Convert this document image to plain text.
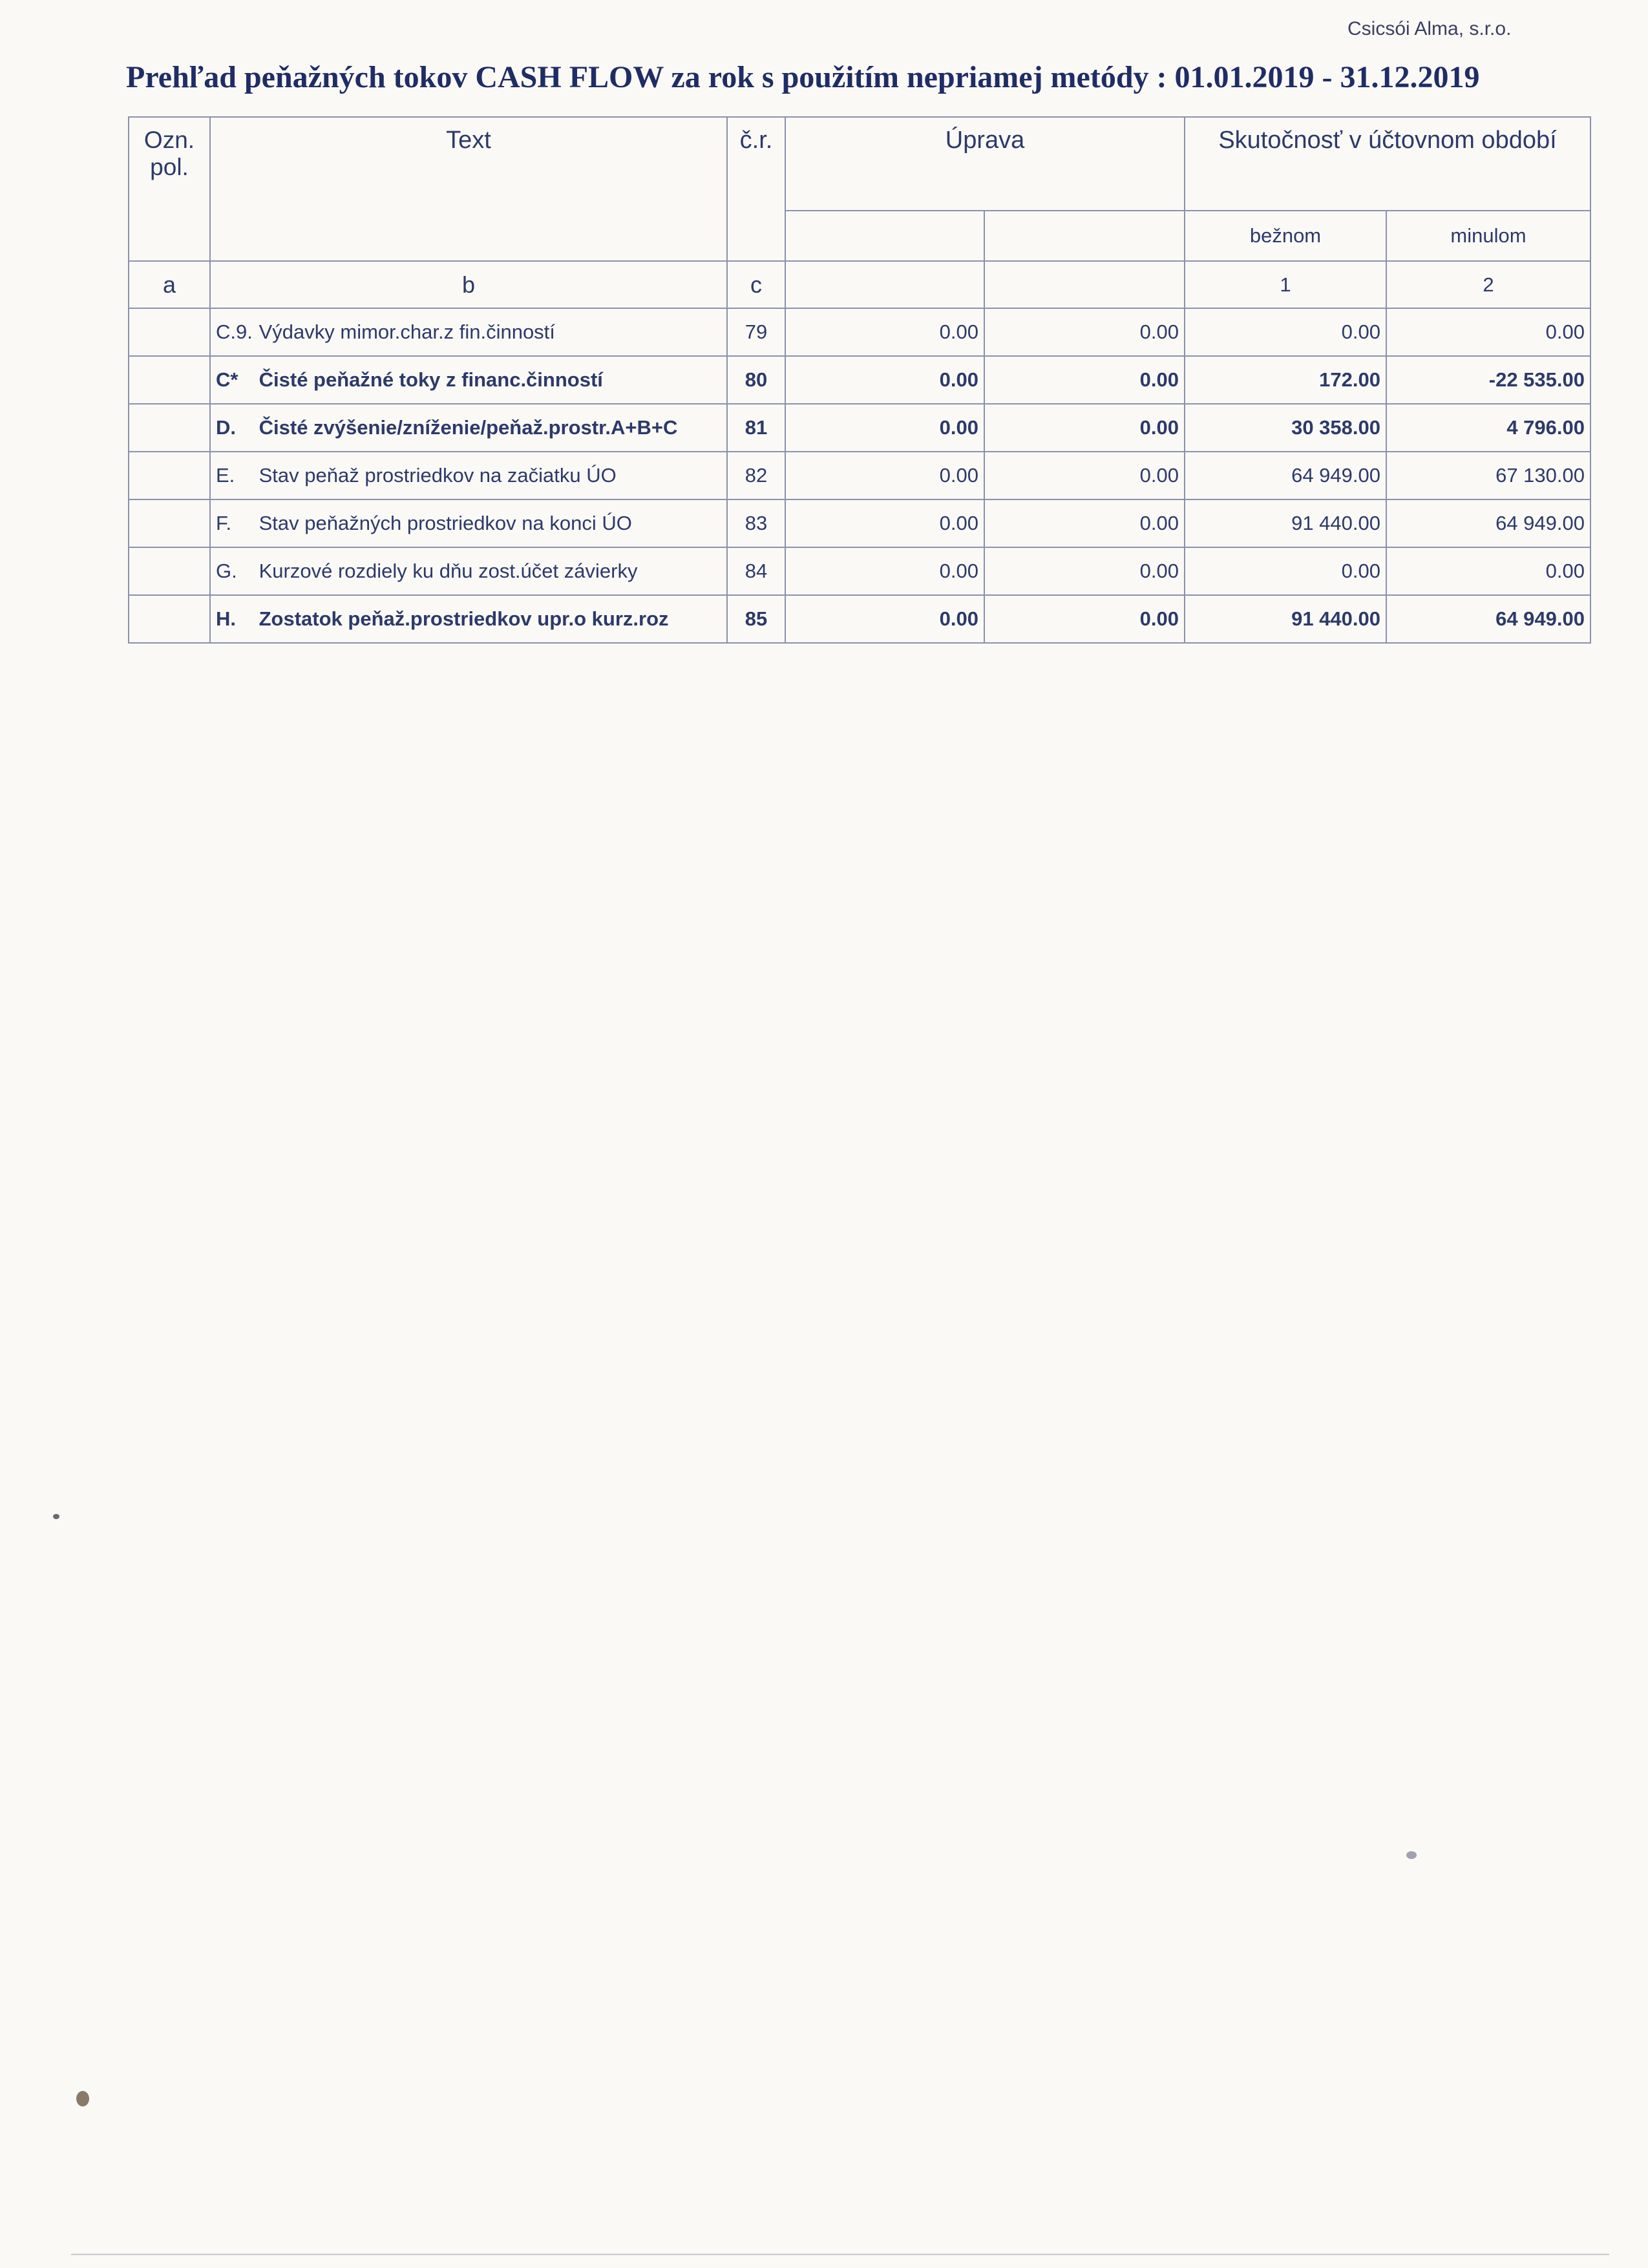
Csicsói Alma, s.r.o.
Prehľad peňažných tokov CASH FLOW za rok s použitím nepriamej metódy : 01.01.2019 - 31.12.2019
Ozn. pol.	Text	č.r.	Úprava		Skutočnosť v účtovnom období	
					bežnom	minulom
a	b	c			1	2
	C.9. Výdavky mimor.char.z fin.činností	79	0.00	0.00	0.00	0.00
	C* Čisté peňažné toky z financ.činností	80	0.00	0.00	172.00	-22 535.00
	D. Čisté zvýšenie/zníženie/peňaž.prostr.A+B+C	81	0.00	0.00	30 358.00	4 796.00
	E. Stav peňaž prostriedkov na začiatku ÚO	82	0.00	0.00	64 949.00	67 130.00
	F. Stav peňažných prostriedkov na konci ÚO	83	0.00	0.00	91 440.00	64 949.00
	G. Kurzové rozdiely ku dňu zost.účet závierky	84	0.00	0.00	0.00	0.00
	H. Zostatok peňaž.prostriedkov upr.o kurz.roz	85	0.00	0.00	91 440.00	64 949.00
